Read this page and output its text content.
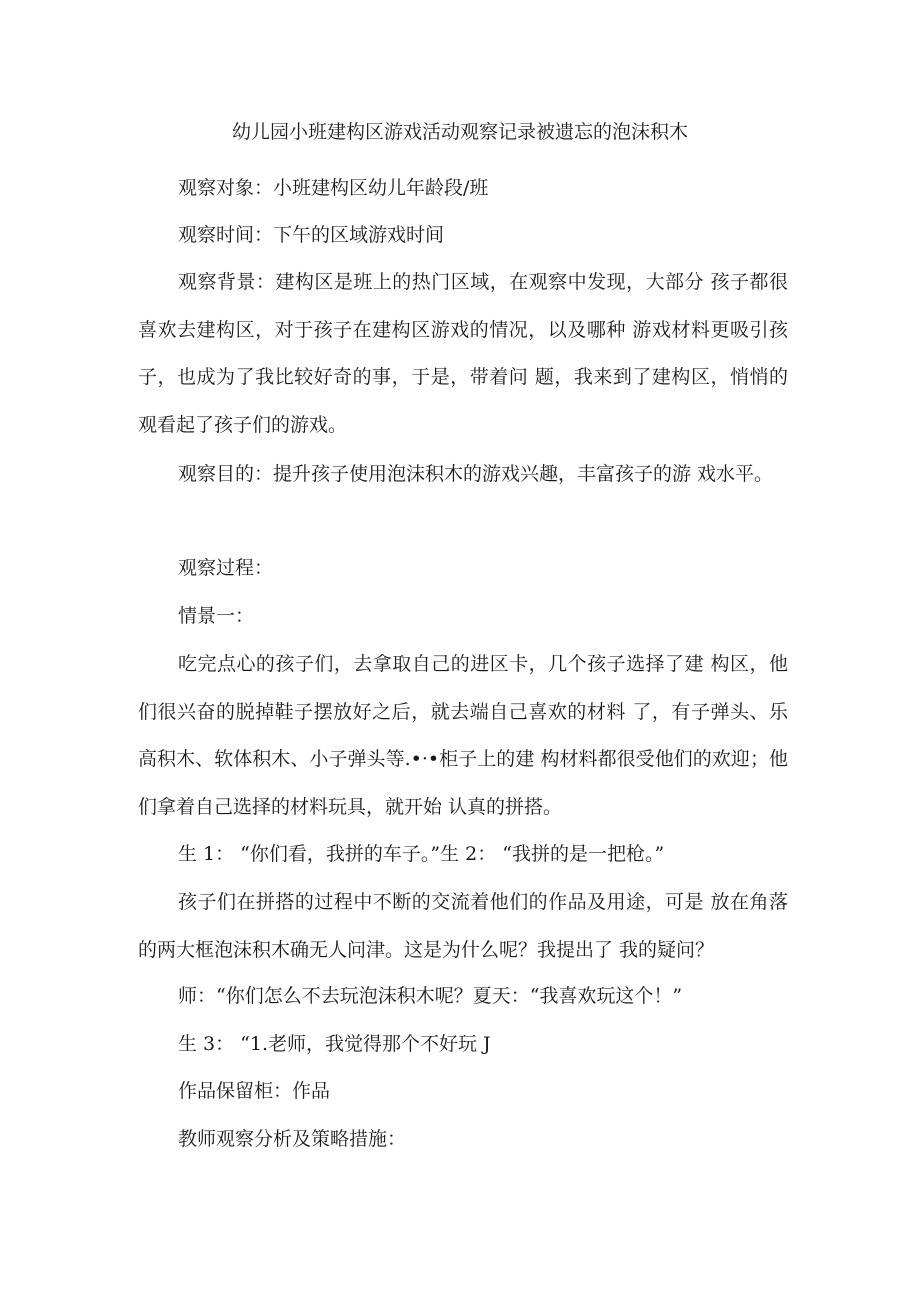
幼儿园小班建构区游戏活动观察记录被遗忘的泡沫积木

观察对象：小班建构区幼儿年龄段/班

观察时间：下午的区域游戏时间

观察背景：建构区是班上的热门区域，在观察中发现，大部分 孩子都很喜欢去建构区，对于孩子在建构区游戏的情况，以及哪种 游戏材料更吸引孩子，也成为了我比较好奇的事，于是，带着问 题，我来到了建构区，悄悄的观看起了孩子们的游戏。

观察目的：提升孩子使用泡沫积木的游戏兴趣，丰富孩子的游 戏水平。

观察过程：

情景一：

吃完点心的孩子们，去拿取自己的进区卡，几个孩子选择了建 构区，他们很兴奋的脱掉鞋子摆放好之后，就去端自己喜欢的材料 了，有子弹头、乐高积木、软体积木、小子弹头等.•·•柜子上的建 构材料都很受他们的欢迎；他们拿着自己选择的材料玩具，就开始 认真的拼搭。

生 1： “你们看，我拼的车子。”生 2： “我拼的是一把枪。”

孩子们在拼搭的过程中不断的交流着他们的作品及用途，可是 放在角落的两大框泡沫积木确无人问津。这是为什么呢？我提出了 我的疑问？

师：“你们怎么不去玩泡沫积木呢？夏天：“我喜欢玩这个！”

生 3： “1.老师，我觉得那个不好玩 J

作品保留柜：作品

教师观察分析及策略措施：
